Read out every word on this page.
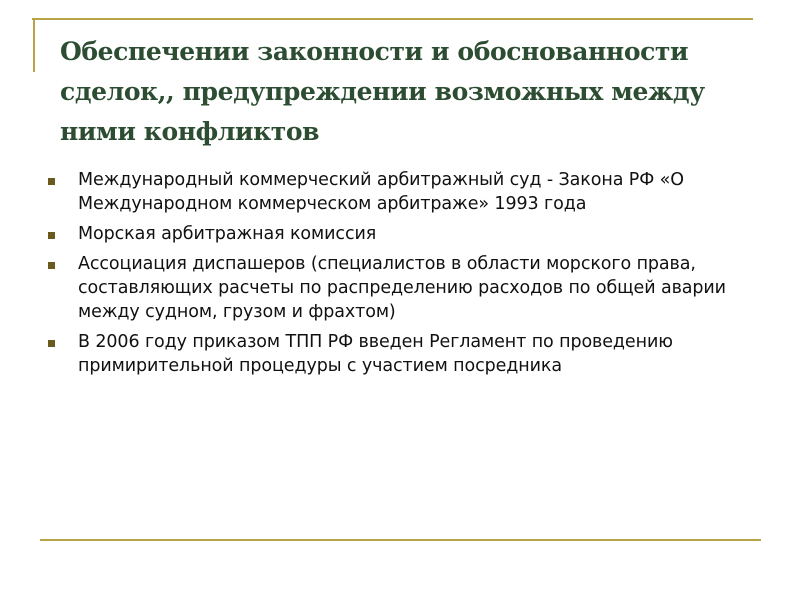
Обеспечении законности и обоснованности сделок,, предупреждении возможных между ними конфликтов
Международный коммерческий арбитражный суд - Закона РФ «О Международном коммерческом арбитраже» 1993 года
Морская арбитражная комиссия
Ассоциация диспашеров (специалистов в области морского права, составляющих расчеты по распределению расходов по общей аварии между судном, грузом и фрахтом)
В 2006 году приказом ТПП РФ введен Регламент по проведению примирительной процедуры с участием посредника
